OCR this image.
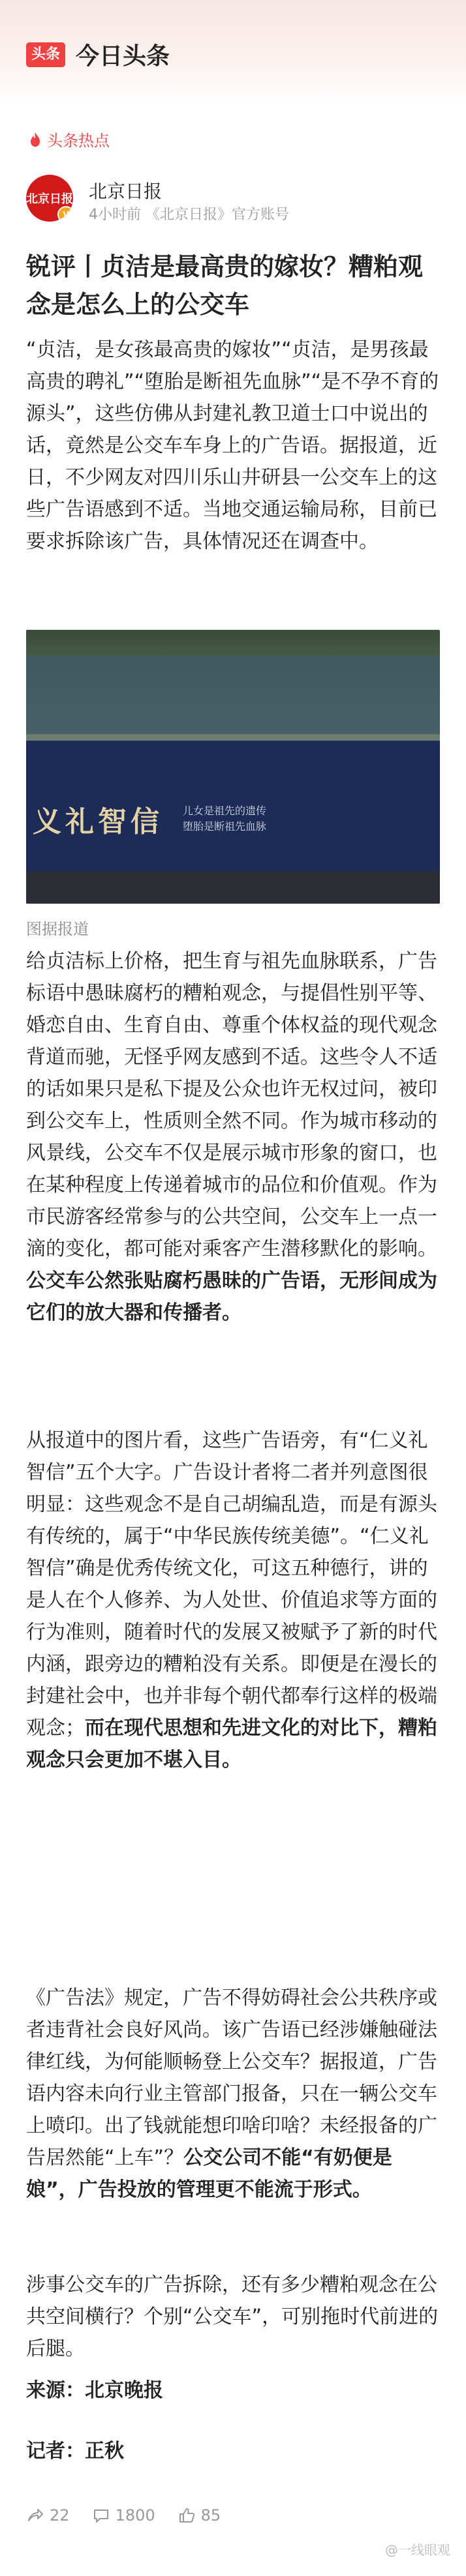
头条 今日头条
头条热点
北京日报
V
北京日报
4小时前 《北京日报》官方账号
锐评丨贞洁是最高贵的嫁妆？糟粕观念是怎么上的公交车

“贞洁，是女孩最高贵的嫁妆”“贞洁，是男孩最高贵的聘礼”“堕胎是断祖先血脉”“是不孕不育的源头”，这些仿佛从封建礼教卫道士口中说出的话，竟然是公交车车身上的广告语。据报道，近日，不少网友对四川乐山井研县一公交车上的这些广告语感到不适。当地交通运输局称，目前已要求拆除该广告，具体情况还在调查中。

义礼智信 儿女是祖先的遗传
堕胎是断祖先血脉
图据报道

给贞洁标上价格，把生育与祖先血脉联系，广告标语中愚昧腐朽的糟粕观念，与提倡性别平等、婚恋自由、生育自由、尊重个体权益的现代观念背道而驰，无怪乎网友感到不适。这些令人不适的话如果只是私下提及公众也许无权过问，被印到公交车上，性质则全然不同。作为城市移动的风景线，公交车不仅是展示城市形象的窗口，也在某种程度上传递着城市的品位和价值观。作为市民游客经常参与的公共空间，公交车上一点一滴的变化，都可能对乘客产生潜移默化的影响。公交车公然张贴腐朽愚昧的广告语，无形间成为它们的放大器和传播者。

从报道中的图片看，这些广告语旁，有“仁义礼智信”五个大字。广告设计者将二者并列意图很明显：这些观念不是自己胡编乱造，而是有源头有传统的，属于“中华民族传统美德”。“仁义礼智信”确是优秀传统文化，可这五种德行，讲的是人在个人修养、为人处世、价值追求等方面的行为准则，随着时代的发展又被赋予了新的时代内涵，跟旁边的糟粕没有关系。即便是在漫长的封建社会中，也并非每个朝代都奉行这样的极端观念；而在现代思想和先进文化的对比下，糟粕观念只会更加不堪入目。

《广告法》规定，广告不得妨碍社会公共秩序或者违背社会良好风尚。该广告语已经涉嫌触碰法律红线，为何能顺畅登上公交车？据报道，广告语内容未向行业主管部门报备，只在一辆公交车上喷印。出了钱就能想印啥印啥？未经报备的广告居然能“上车”？公交公司不能“有奶便是娘”，广告投放的管理更不能流于形式。

涉事公交车的广告拆除，还有多少糟粕观念在公共空间横行？个别“公交车”，可别拖时代前进的后腿。

来源：北京晚报
记者：正秋
22	1800	85
@一线眼观
